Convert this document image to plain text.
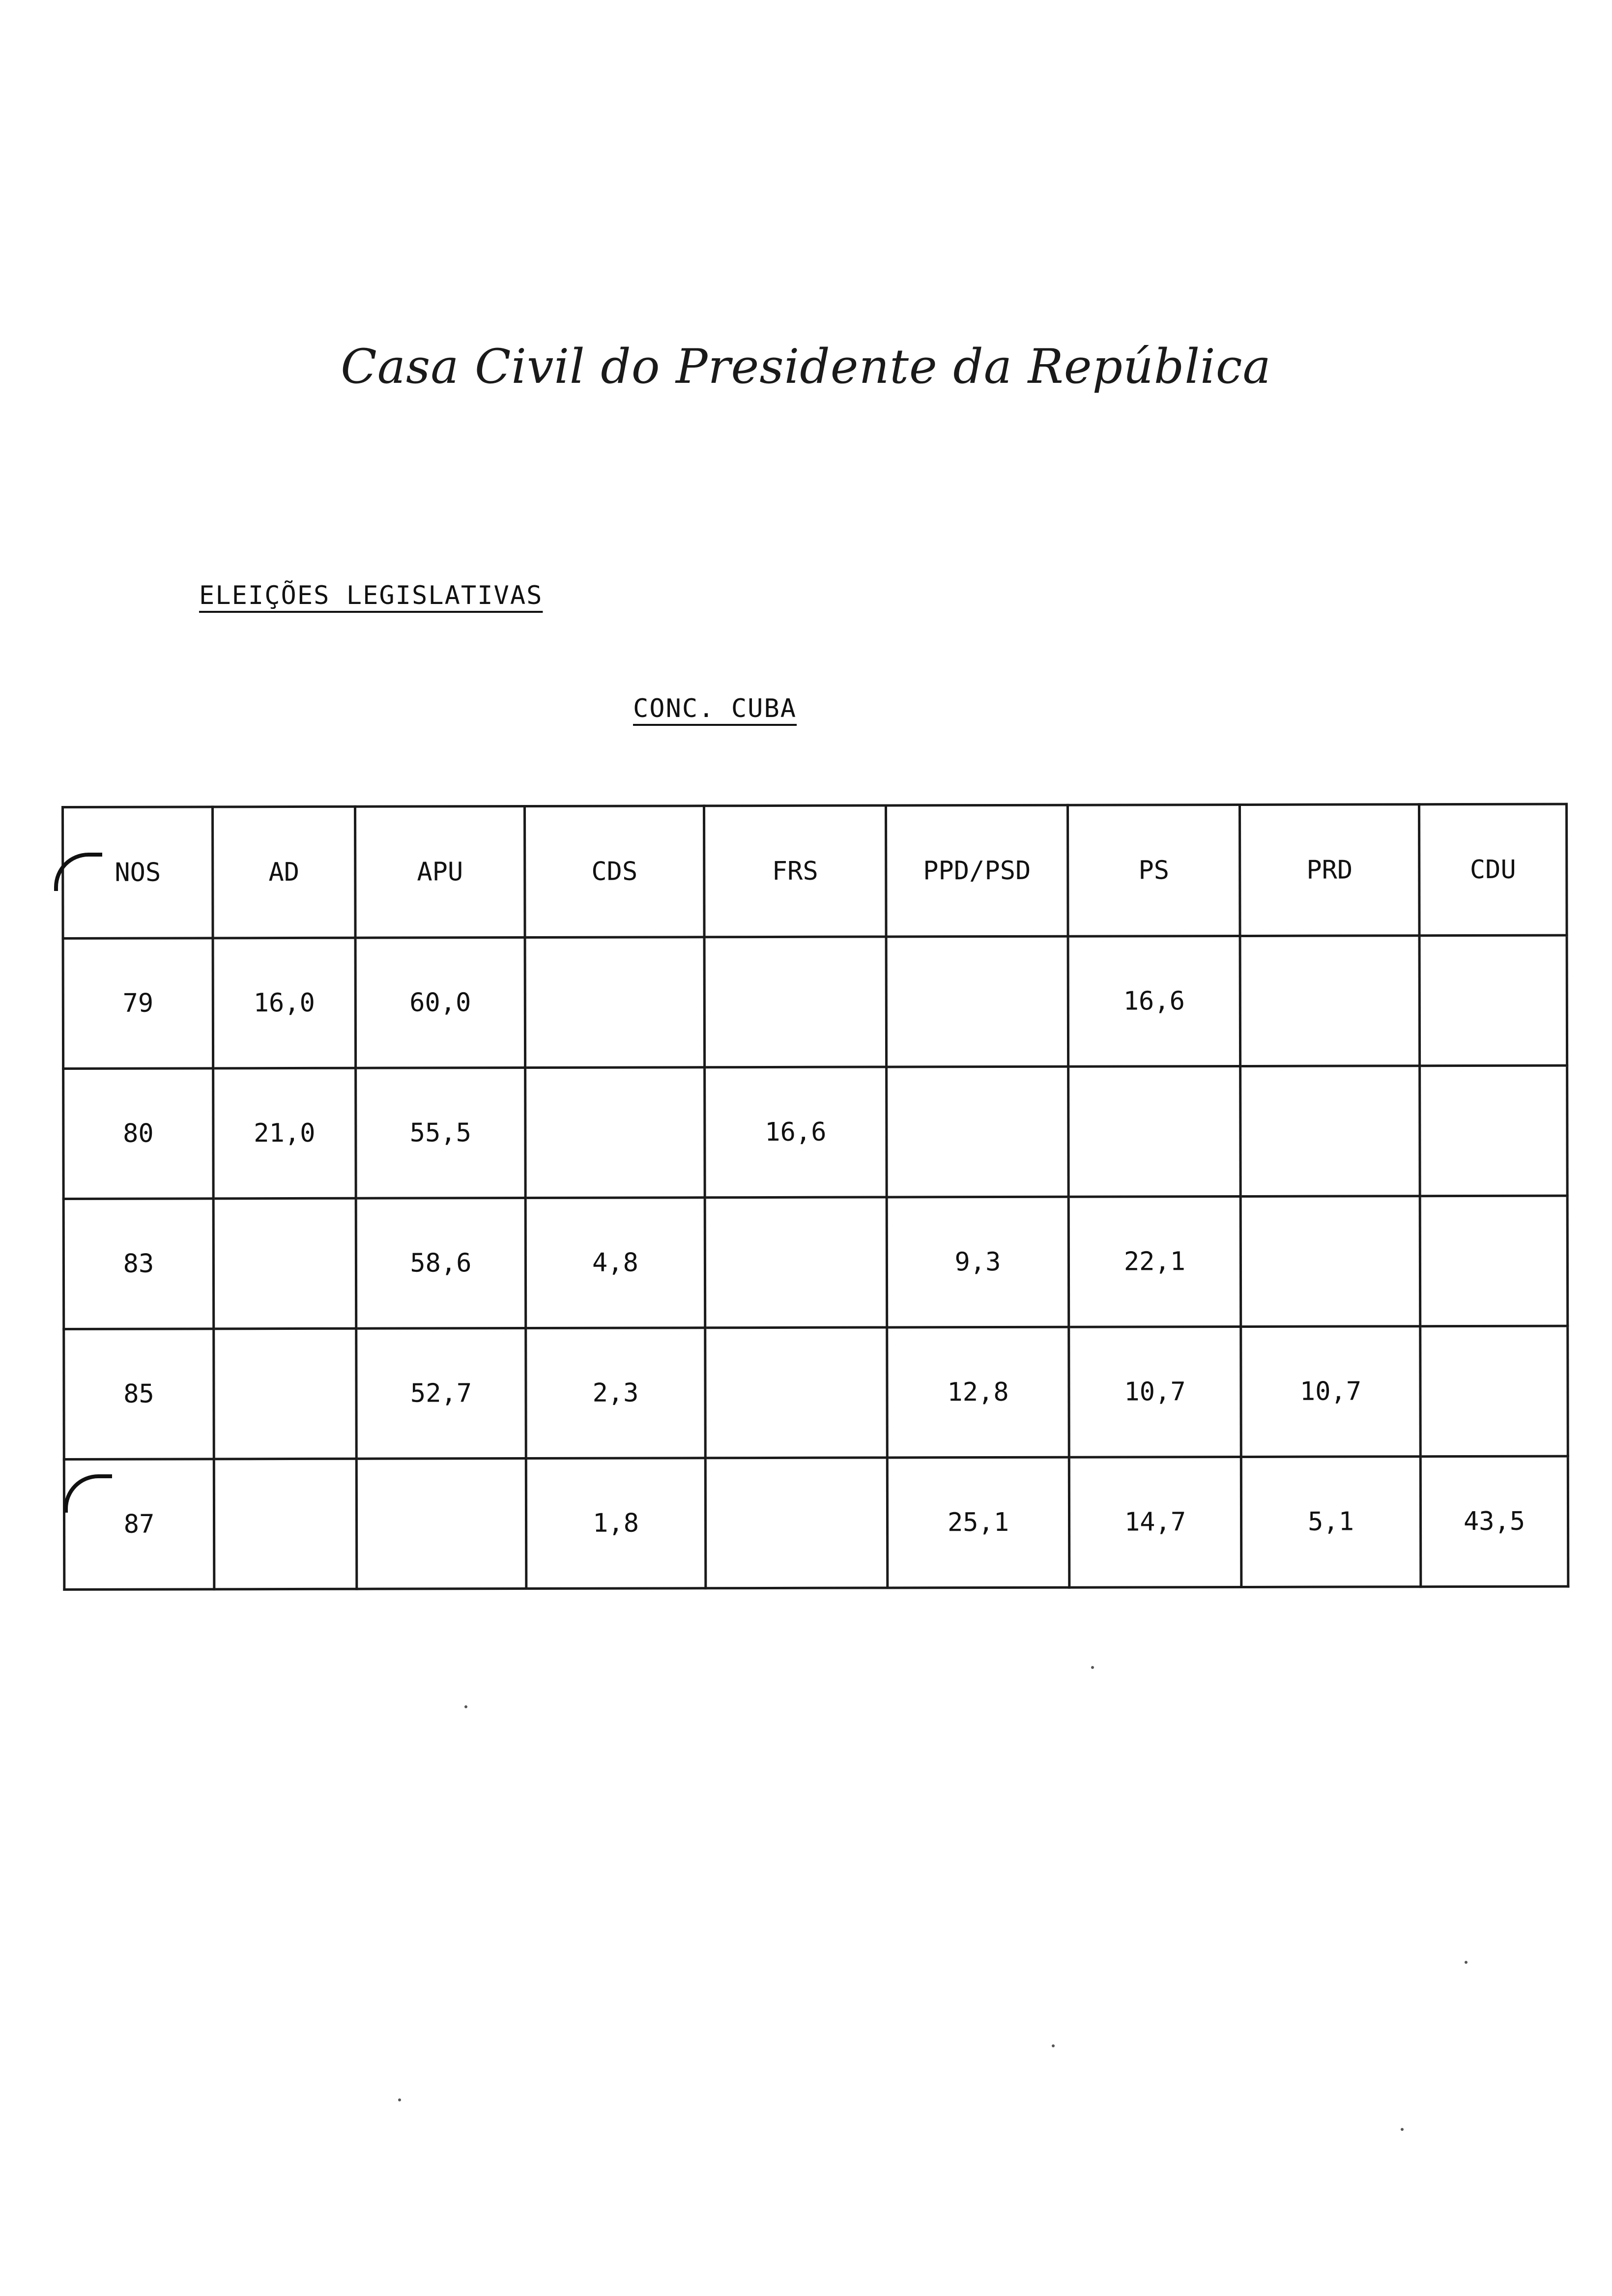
Casa Civil do Presidente da República
ELEIÇÕES LEGISLATIVAS
CONC. CUBA
NOS	AD	APU	CDS	FRS	PPD/PSD	PS	PRD	CDU
79	16,0	60,0				16,6		
80	21,0	55,5		16,6				
83		58,6	4,8		9,3	22,1		
85		52,7	2,3		12,8	10,7	10,7	
87			1,8		25,1	14,7	5,1	43,5
